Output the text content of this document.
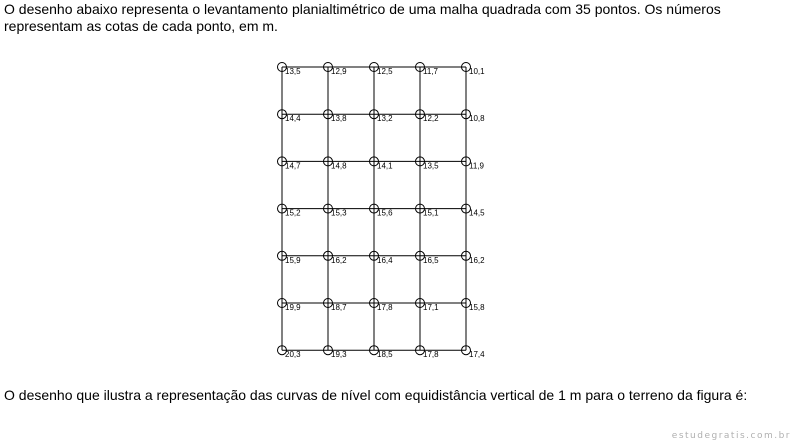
O desenho abaixo representa o levantamento planialtimétrico de uma malha quadrada com 35 pontos. Os números representam as cotas de cada ponto, em m.

13,5	12,9	12,5	11,7	10,1
14,4	13,8	13,2	12,2	10,8
14,7	14,8	14,1	13,5	11,9
15,2	15,3	15,6	15,1	14,5
15,9	16,2	16,4	16,5	16,2
19,9	18,7	17,8	17,1	15,8
20,3	19,3	18,5	17,8	17,4

O desenho que ilustra a representação das curvas de nível com equidistância vertical de 1 m para o terreno da figura é:

estudegratis.com.br
